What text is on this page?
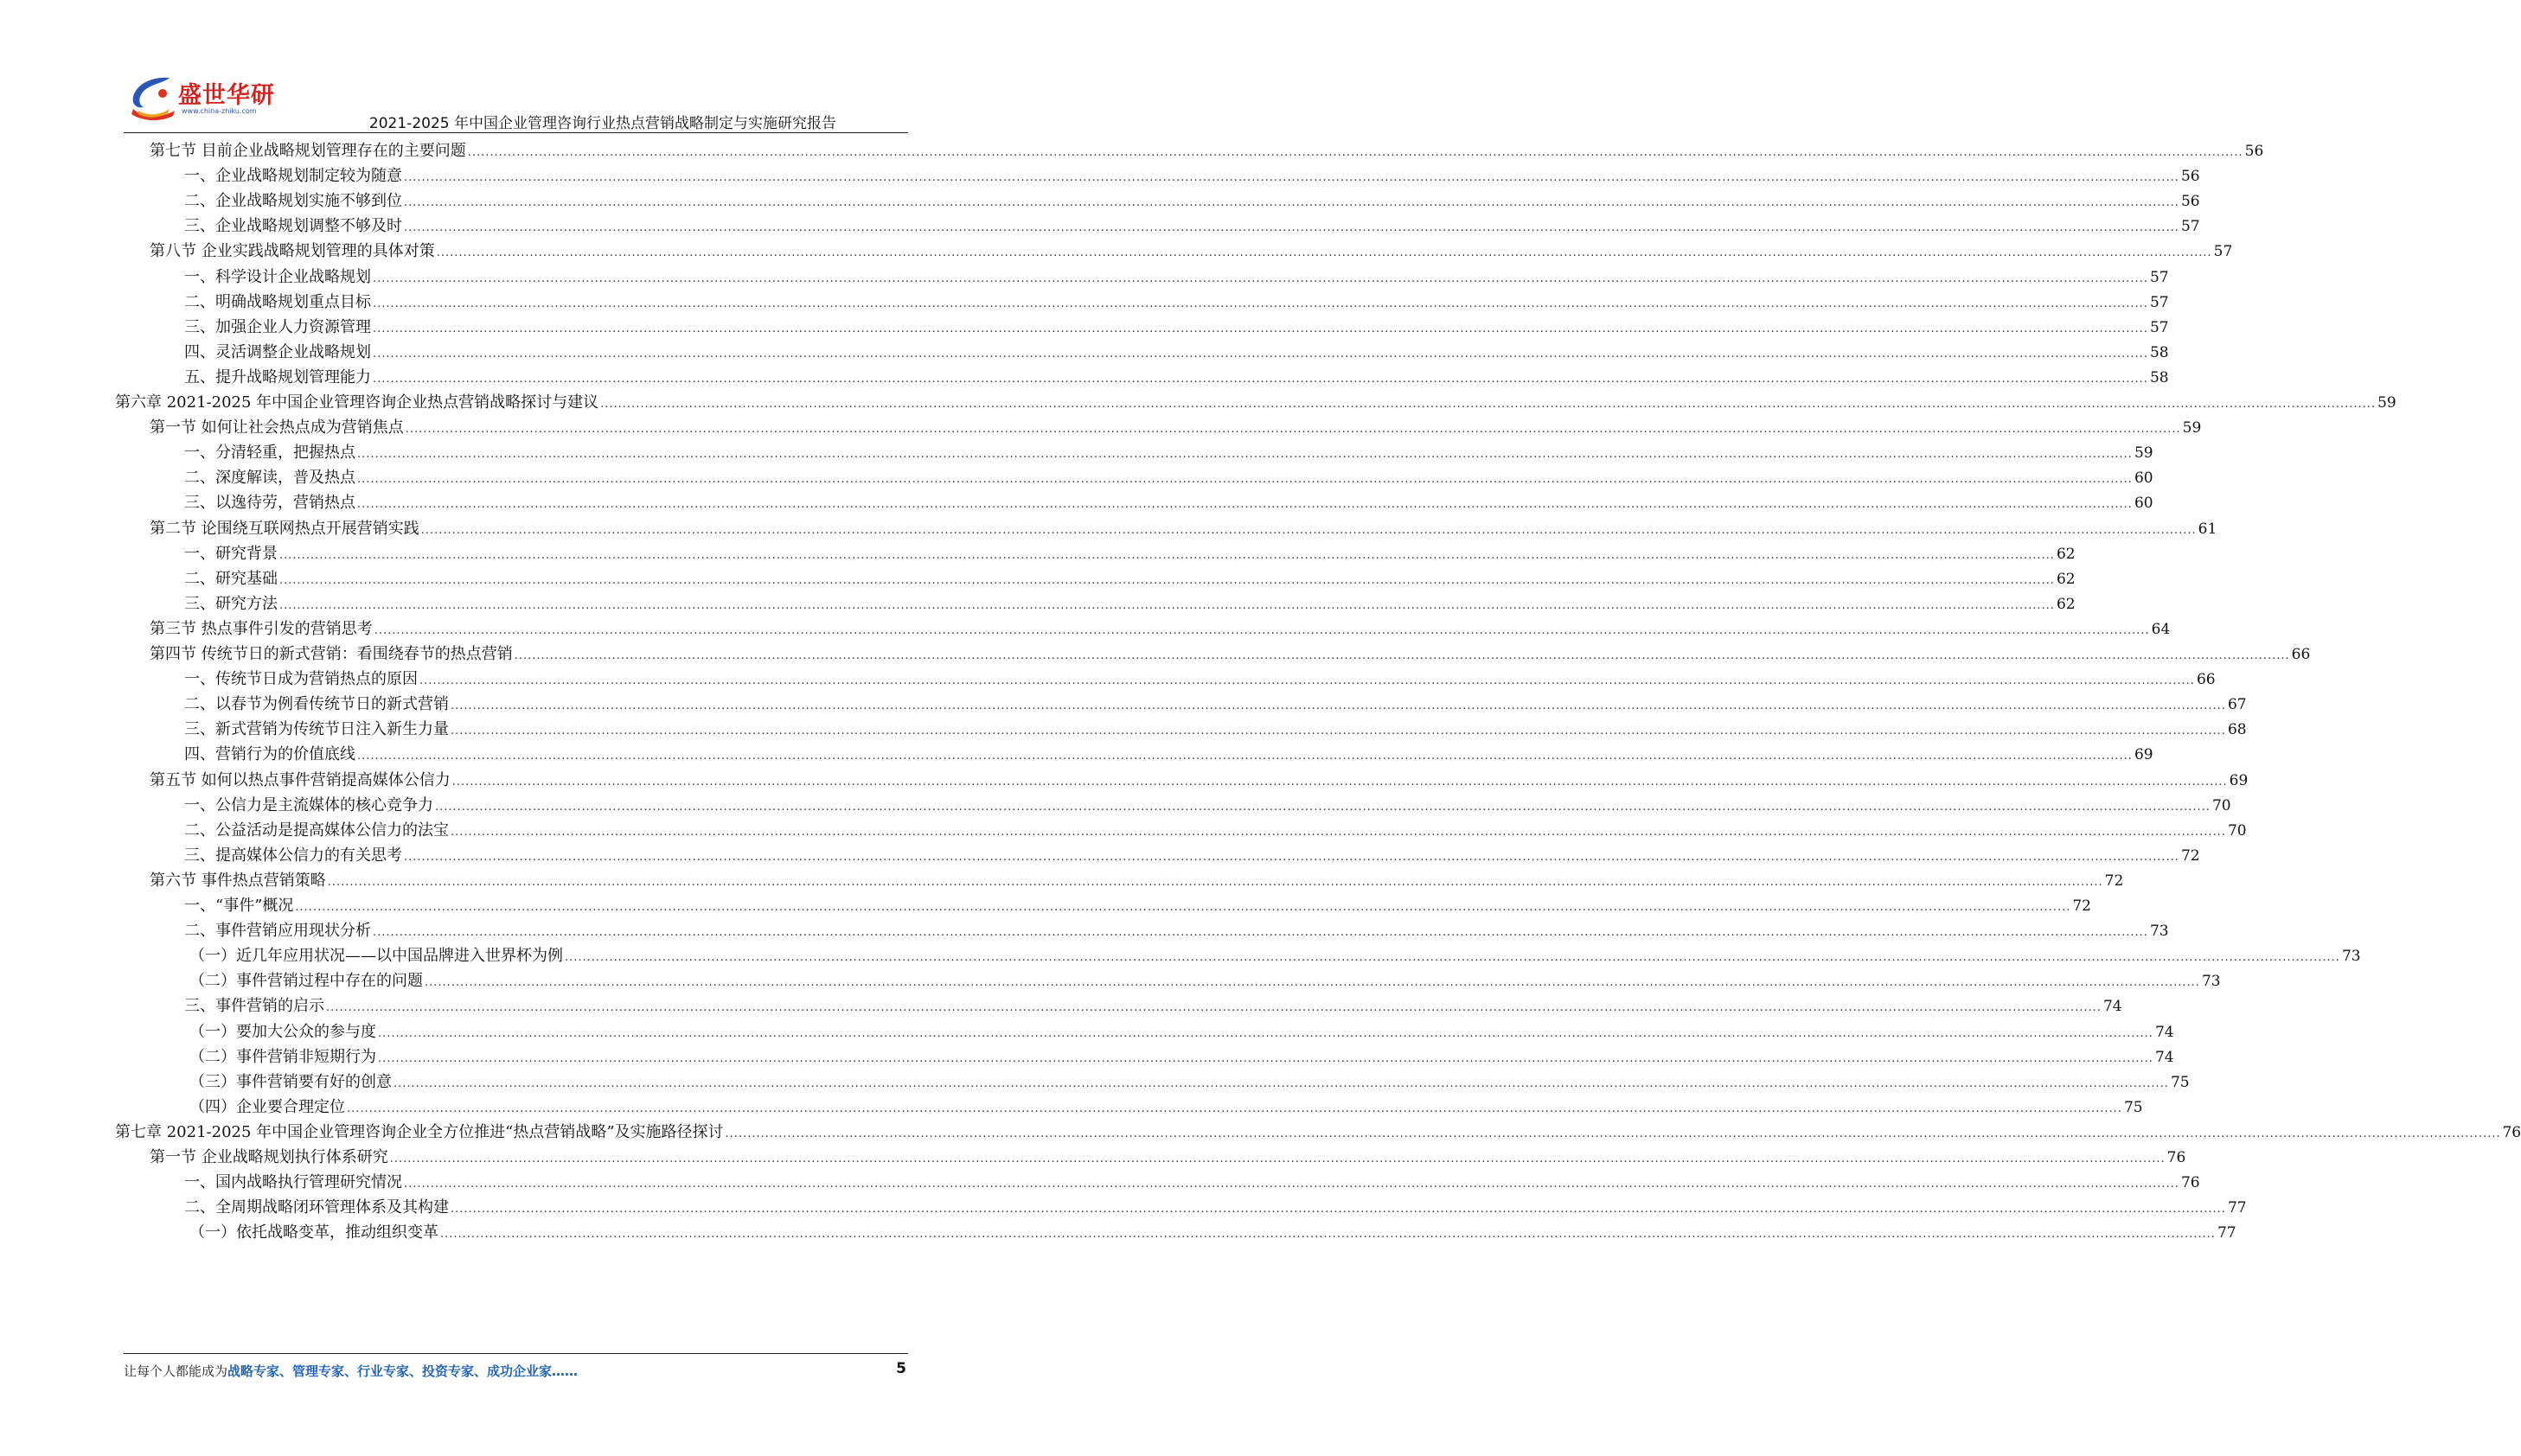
盛世华研
www.china-zhiku.com
2021-2025 年中国企业管理咨询行业热点营销战略制定与实施研究报告
第七节 目前企业战略规划管理存在的主要问题 ................................................................................................................................................................................................................................................................................................................................................................................................................ 56
一、企业战略规划制定较为随意 ................................................................................................................................................................................................................................................................................................................................................................................................................ 56
二、企业战略规划实施不够到位 ................................................................................................................................................................................................................................................................................................................................................................................................................ 56
三、企业战略规划调整不够及时 ................................................................................................................................................................................................................................................................................................................................................................................................................ 57
第八节 企业实践战略规划管理的具体对策 ................................................................................................................................................................................................................................................................................................................................................................................................................ 57
一、科学设计企业战略规划 ................................................................................................................................................................................................................................................................................................................................................................................................................ 57
二、明确战略规划重点目标 ................................................................................................................................................................................................................................................................................................................................................................................................................ 57
三、加强企业人力资源管理 ................................................................................................................................................................................................................................................................................................................................................................................................................ 57
四、灵活调整企业战略规划 ................................................................................................................................................................................................................................................................................................................................................................................................................ 58
五、提升战略规划管理能力 ................................................................................................................................................................................................................................................................................................................................................................................................................ 58
第六章 2021-2025 年中国企业管理咨询企业热点营销战略探讨与建议 ................................................................................................................................................................................................................................................................................................................................................................................................................ 59
第一节 如何让社会热点成为营销焦点 ................................................................................................................................................................................................................................................................................................................................................................................................................ 59
一、分清轻重，把握热点 ................................................................................................................................................................................................................................................................................................................................................................................................................ 59
二、深度解读，普及热点 ................................................................................................................................................................................................................................................................................................................................................................................................................ 60
三、以逸待劳，营销热点 ................................................................................................................................................................................................................................................................................................................................................................................................................ 60
第二节 论围绕互联网热点开展营销实践 ................................................................................................................................................................................................................................................................................................................................................................................................................ 61
一、研究背景 ................................................................................................................................................................................................................................................................................................................................................................................................................ 62
二、研究基础 ................................................................................................................................................................................................................................................................................................................................................................................................................ 62
三、研究方法 ................................................................................................................................................................................................................................................................................................................................................................................................................ 62
第三节 热点事件引发的营销思考 ................................................................................................................................................................................................................................................................................................................................................................................................................ 64
第四节 传统节日的新式营销：看围绕春节的热点营销 ................................................................................................................................................................................................................................................................................................................................................................................................................ 66
一、传统节日成为营销热点的原因 ................................................................................................................................................................................................................................................................................................................................................................................................................ 66
二、以春节为例看传统节日的新式营销 ................................................................................................................................................................................................................................................................................................................................................................................................................ 67
三、新式营销为传统节日注入新生力量 ................................................................................................................................................................................................................................................................................................................................................................................................................ 68
四、营销行为的价值底线 ................................................................................................................................................................................................................................................................................................................................................................................................................ 69
第五节 如何以热点事件营销提高媒体公信力 ................................................................................................................................................................................................................................................................................................................................................................................................................ 69
一、公信力是主流媒体的核心竞争力 ................................................................................................................................................................................................................................................................................................................................................................................................................ 70
二、公益活动是提高媒体公信力的法宝 ................................................................................................................................................................................................................................................................................................................................................................................................................ 70
三、提高媒体公信力的有关思考 ................................................................................................................................................................................................................................................................................................................................................................................................................ 72
第六节 事件热点营销策略 ................................................................................................................................................................................................................................................................................................................................................................................................................ 72
一、“事件”概况 ................................................................................................................................................................................................................................................................................................................................................................................................................ 72
二、事件营销应用现状分析 ................................................................................................................................................................................................................................................................................................................................................................................................................ 73
（一）近几年应用状况——以中国品牌进入世界杯为例 ................................................................................................................................................................................................................................................................................................................................................................................................................ 73
（二）事件营销过程中存在的问题 ................................................................................................................................................................................................................................................................................................................................................................................................................ 73
三、事件营销的启示 ................................................................................................................................................................................................................................................................................................................................................................................................................ 74
（一）要加大公众的参与度 ................................................................................................................................................................................................................................................................................................................................................................................................................ 74
（二）事件营销非短期行为 ................................................................................................................................................................................................................................................................................................................................................................................................................ 74
（三）事件营销要有好的创意 ................................................................................................................................................................................................................................................................................................................................................................................................................ 75
（四）企业要合理定位 ................................................................................................................................................................................................................................................................................................................................................................................................................ 75
第七章 2021-2025 年中国企业管理咨询企业全方位推进“热点营销战略”及实施路径探讨 ................................................................................................................................................................................................................................................................................................................................................................................................................ 76
第一节 企业战略规划执行体系研究 ................................................................................................................................................................................................................................................................................................................................................................................................................ 76
一、国内战略执行管理研究情况 ................................................................................................................................................................................................................................................................................................................................................................................................................ 76
二、全周期战略闭环管理体系及其构建 ................................................................................................................................................................................................................................................................................................................................................................................................................ 77
（一）依托战略变革，推动组织变革 ................................................................................................................................................................................................................................................................................................................................................................................................................ 77
让每个人都能成为战略专家、管理专家、行业专家、投资专家、成功企业家……	5
